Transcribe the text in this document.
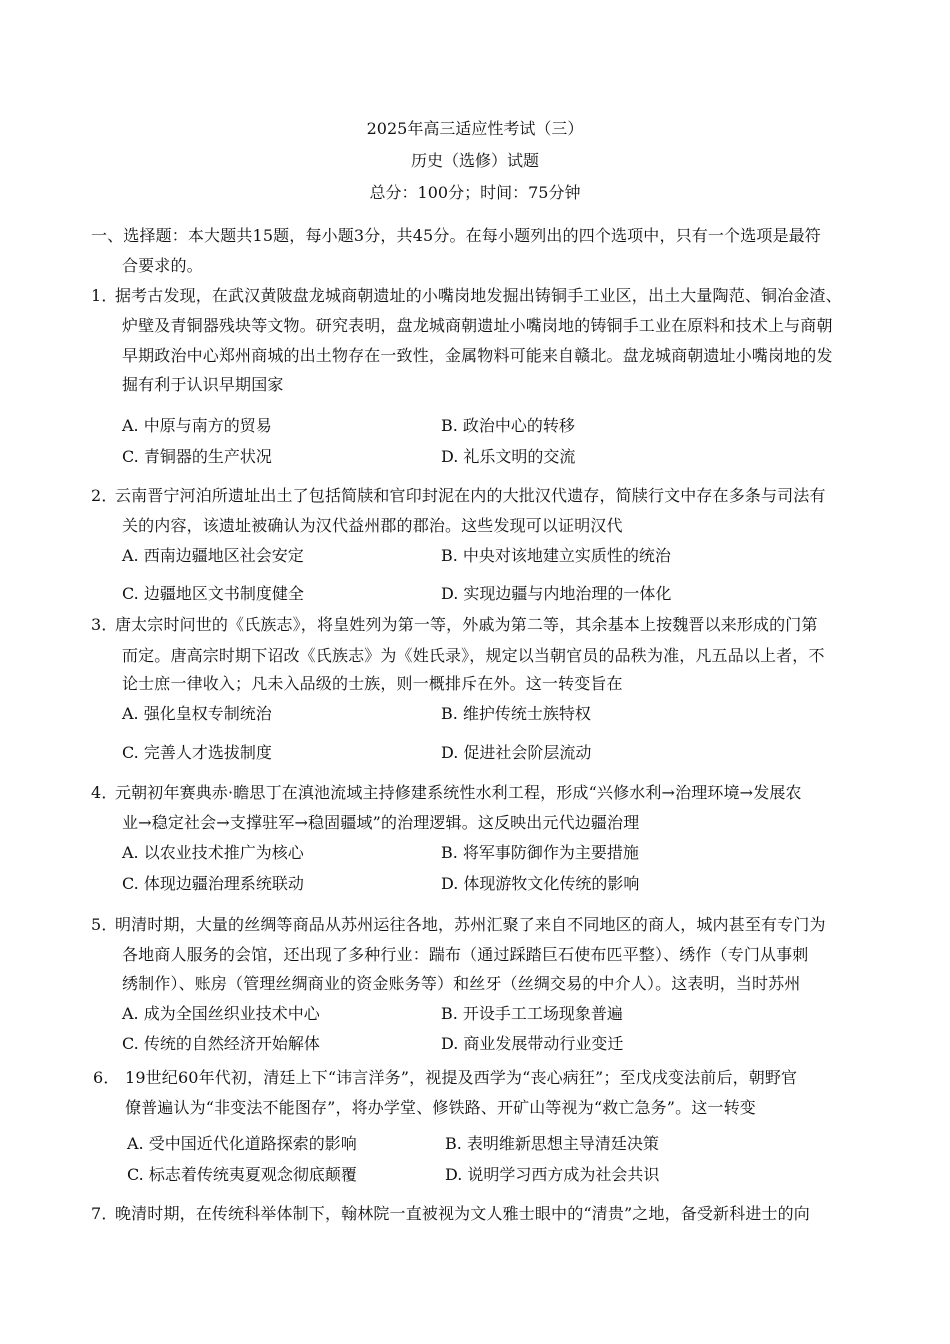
2025年高三适应性考试（三）
历史（选修）试题
总分：100分；时间：75分钟
一、选择题：本大题共15题，每小题3分，共45分。在每小题列出的四个选项中，只有一个选项是最符
合要求的。
1．
据考古发现，在武汉黄陂盘龙城商朝遗址的小嘴岗地发掘出铸铜手工业区，出土大量陶范、铜冶金渣、
炉壁及青铜器残块等文物。研究表明，盘龙城商朝遗址小嘴岗地的铸铜手工业在原料和技术上与商朝
早期政治中心郑州商城的出土物存在一致性，金属物料可能来自赣北。盘龙城商朝遗址小嘴岗地的发
掘有利于认识早期国家
A. 中原与南方的贸易	B. 政治中心的转移
C. 青铜器的生产状况	D. 礼乐文明的交流
2．
云南晋宁河泊所遗址出土了包括简牍和官印封泥在内的大批汉代遗存，简牍行文中存在多条与司法有
关的内容，该遗址被确认为汉代益州郡的郡治。这些发现可以证明汉代
A. 西南边疆地区社会安定	B. 中央对该地建立实质性的统治
C. 边疆地区文书制度健全	D. 实现边疆与内地治理的一体化
3．
唐太宗时问世的《氏族志》，将皇姓列为第一等，外戚为第二等，其余基本上按魏晋以来形成的门第
而定。唐高宗时期下诏改《氏族志》为《姓氏录》，规定以当朝官员的品秩为准，凡五品以上者，不
论士庶一律收入；凡未入品级的士族，则一概排斥在外。这一转变旨在
A. 强化皇权专制统治	B. 维护传统士族特权
C. 完善人才选拔制度	D. 促进社会阶层流动
4．
元朝初年赛典赤·瞻思丁在滇池流域主持修建系统性水利工程，形成“兴修水利→治理环境→发展农
业→稳定社会→支撑驻军→稳固疆域”的治理逻辑。这反映出元代边疆治理
A. 以农业技术推广为核心	B. 将军事防御作为主要措施
C. 体现边疆治理系统联动	D. 体现游牧文化传统的影响
5．
明清时期，大量的丝绸等商品从苏州运往各地，苏州汇聚了来自不同地区的商人，城内甚至有专门为
各地商人服务的会馆，还出现了多种行业：踹布（通过踩踏巨石使布匹平整）、绣作（专门从事刺
绣制作）、账房（管理丝绸商业的资金账务等）和丝牙（丝绸交易的中介人）。这表明，当时苏州
A. 成为全国丝织业技术中心	B. 开设手工工场现象普遍
C. 传统的自然经济开始解体	D. 商业发展带动行业变迁
6． 19世纪60年代初，清廷上下“讳言洋务”，视提及西学为“丧心病狂”；至戊戌变法前后，朝野官
僚普遍认为“非变法不能图存”，将办学堂、修铁路、开矿山等视为“救亡急务”。这一转变
A. 受中国近代化道路探索的影响	B. 表明维新思想主导清廷决策
C. 标志着传统夷夏观念彻底颠覆	D. 说明学习西方成为社会共识
7．
晚清时期，在传统科举体制下，翰林院一直被视为文人雅士眼中的“清贵”之地，备受新科进士的向
